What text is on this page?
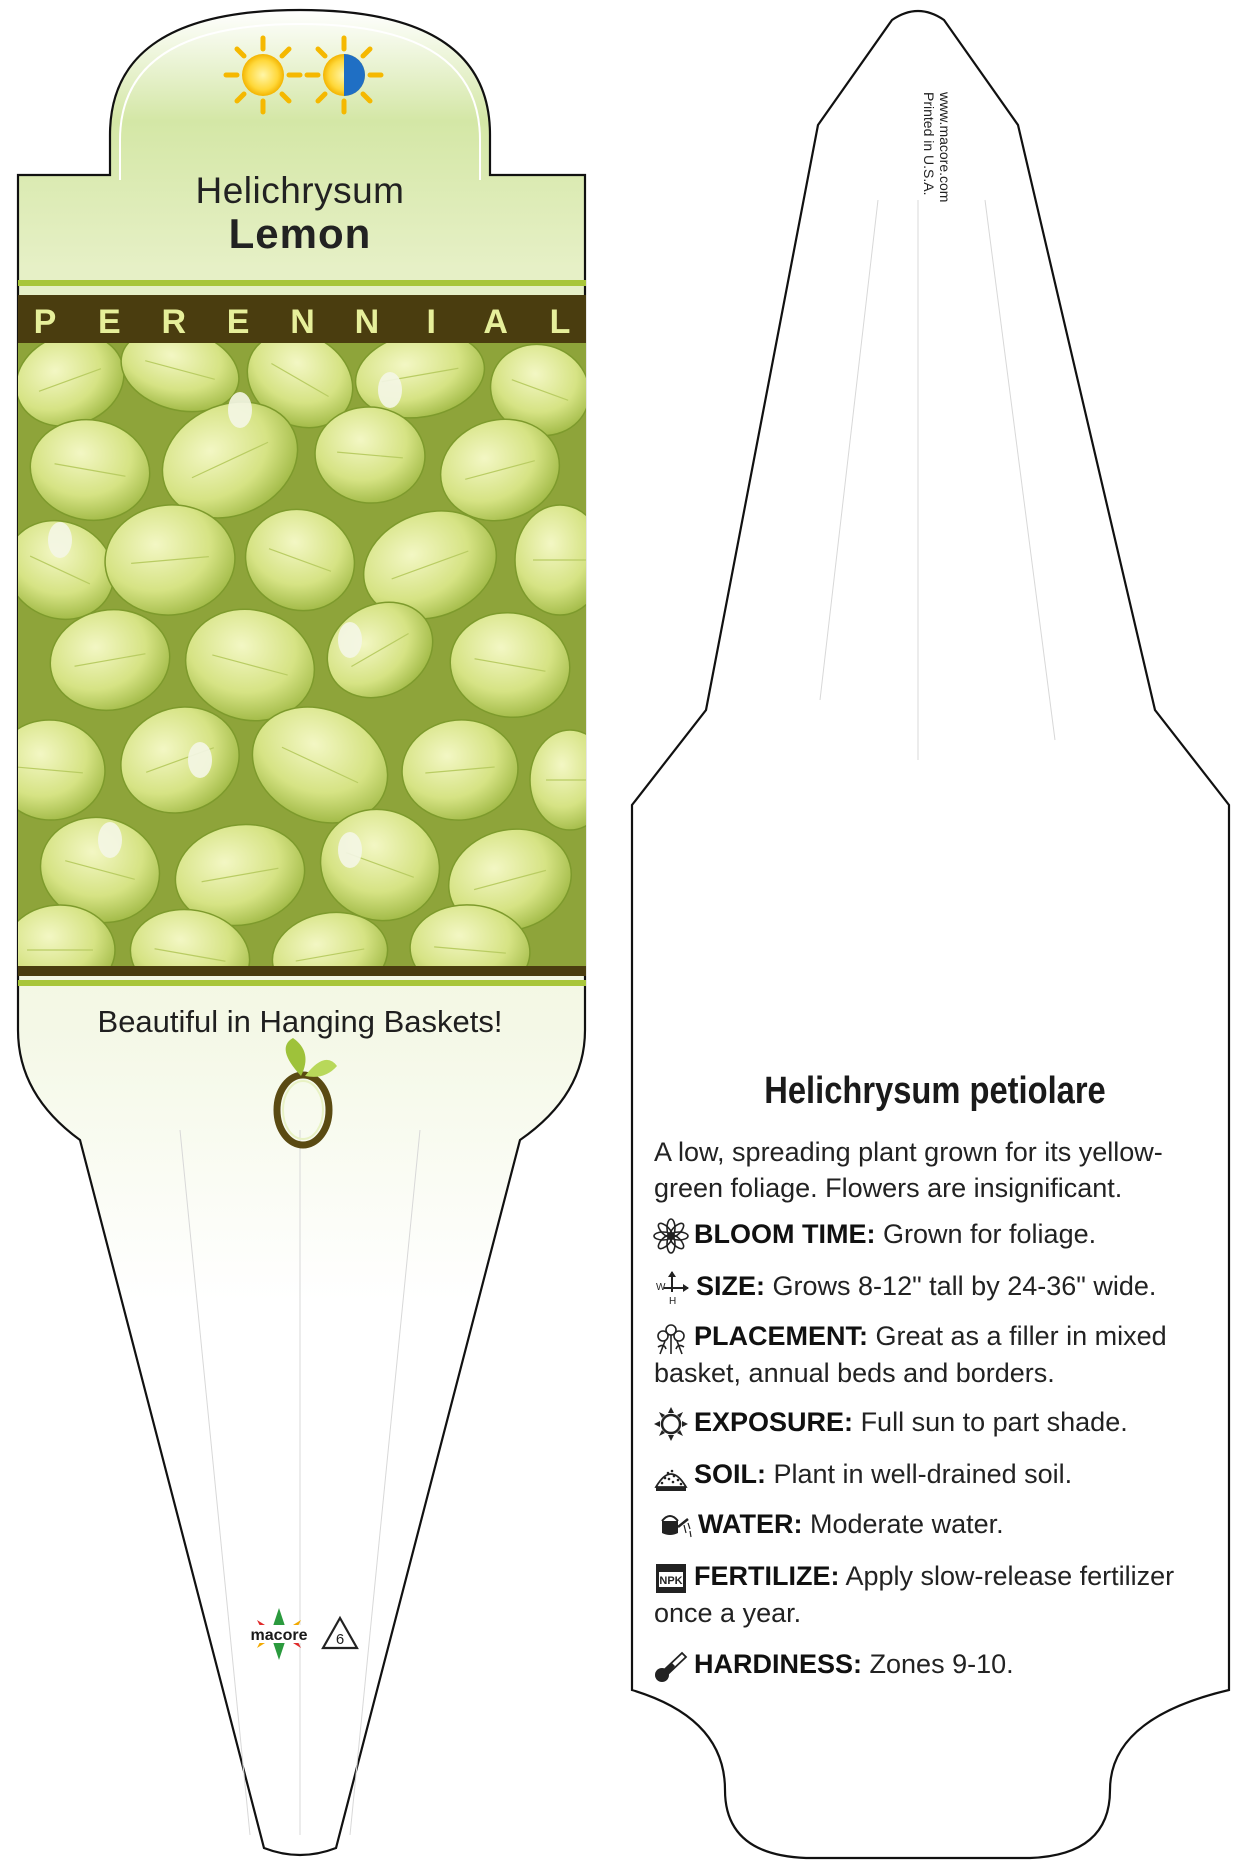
P E R E N N I A L
macore 6
Helichrysum
Lemon
Beautiful in Hanging Baskets!
Printed in U.S.A. www.macore.com
Helichrysum petiolare
A low, spreading plant grown for its yellow-green foliage. Flowers are insignificant.
BLOOM TIME: Grown for foliage.
W
H
SIZE: Grows 8-12" tall by 24-36" wide.
PLACEMENT: Great as a filler in mixed basket, annual beds and borders.
EXPOSURE: Full sun to part shade.
SOIL: Plant in well-drained soil.
WATER: Moderate water.
NPK FERTILIZE: Apply slow-release fertilizer once a year.
HARDINESS: Zones 9-10.
